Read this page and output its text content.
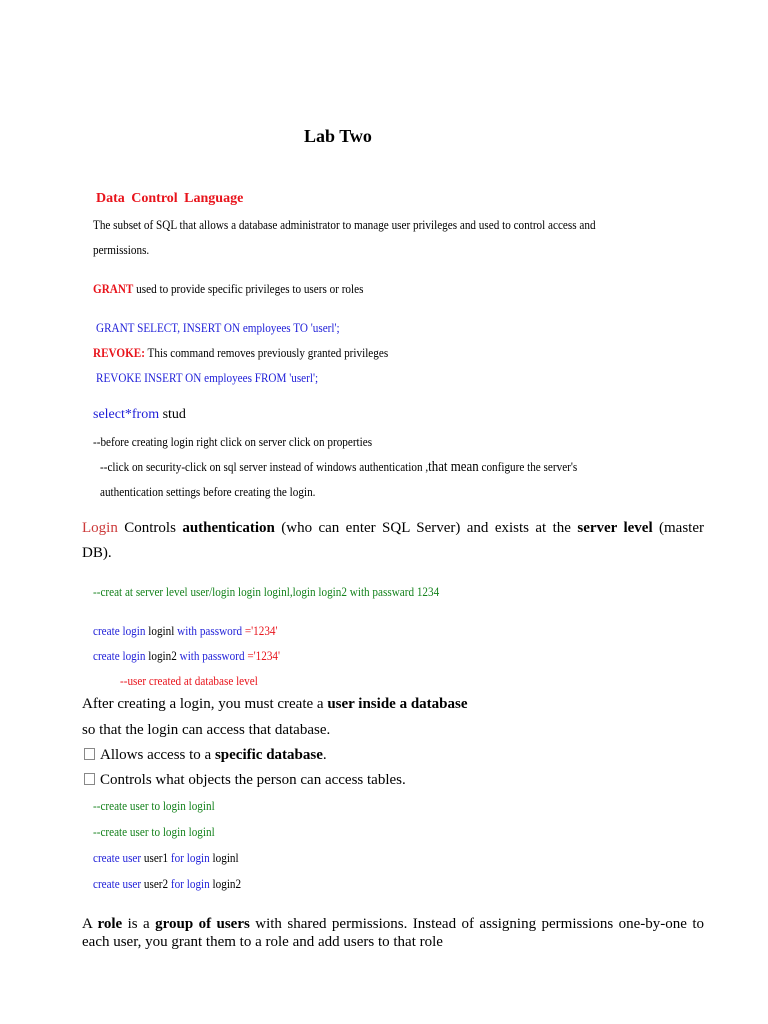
Lab Two
Data Control Language
The subset of SQL that allows a database administrator to manage user privileges and used to control access and
permissions.
GRANT used to provide specific privileges to users or roles
GRANT SELECT, INSERT ON employees TO 'userl';
REVOKE: This command removes previously granted privileges
REVOKE INSERT ON employees FROM 'userl';
select*from stud
--before creating login right click on server click on properties
--click on security-click on sql server instead of windows authentication ,that mean configure the server's
authentication settings before creating the login.
Login Controls authentication (who can enter SQL Server) and exists at the server level (master
DB).
--creat at server level user/login login loginl,login login2 with passward 1234
create login loginl with password ='1234'
create login login2 with password ='1234'
--user created at database level
After creating a login, you must create a user inside a database
so that the login can access that database.
Allows access to a specific database.
Controls what objects the person can access tables.
--create user to login loginl
--create user to login loginl
create user user1 for login loginl
create user user2 for login login2
A role is a group of users with shared permissions. Instead of assigning permissions one-by-one to
each user, you grant them to a role and add users to that role
